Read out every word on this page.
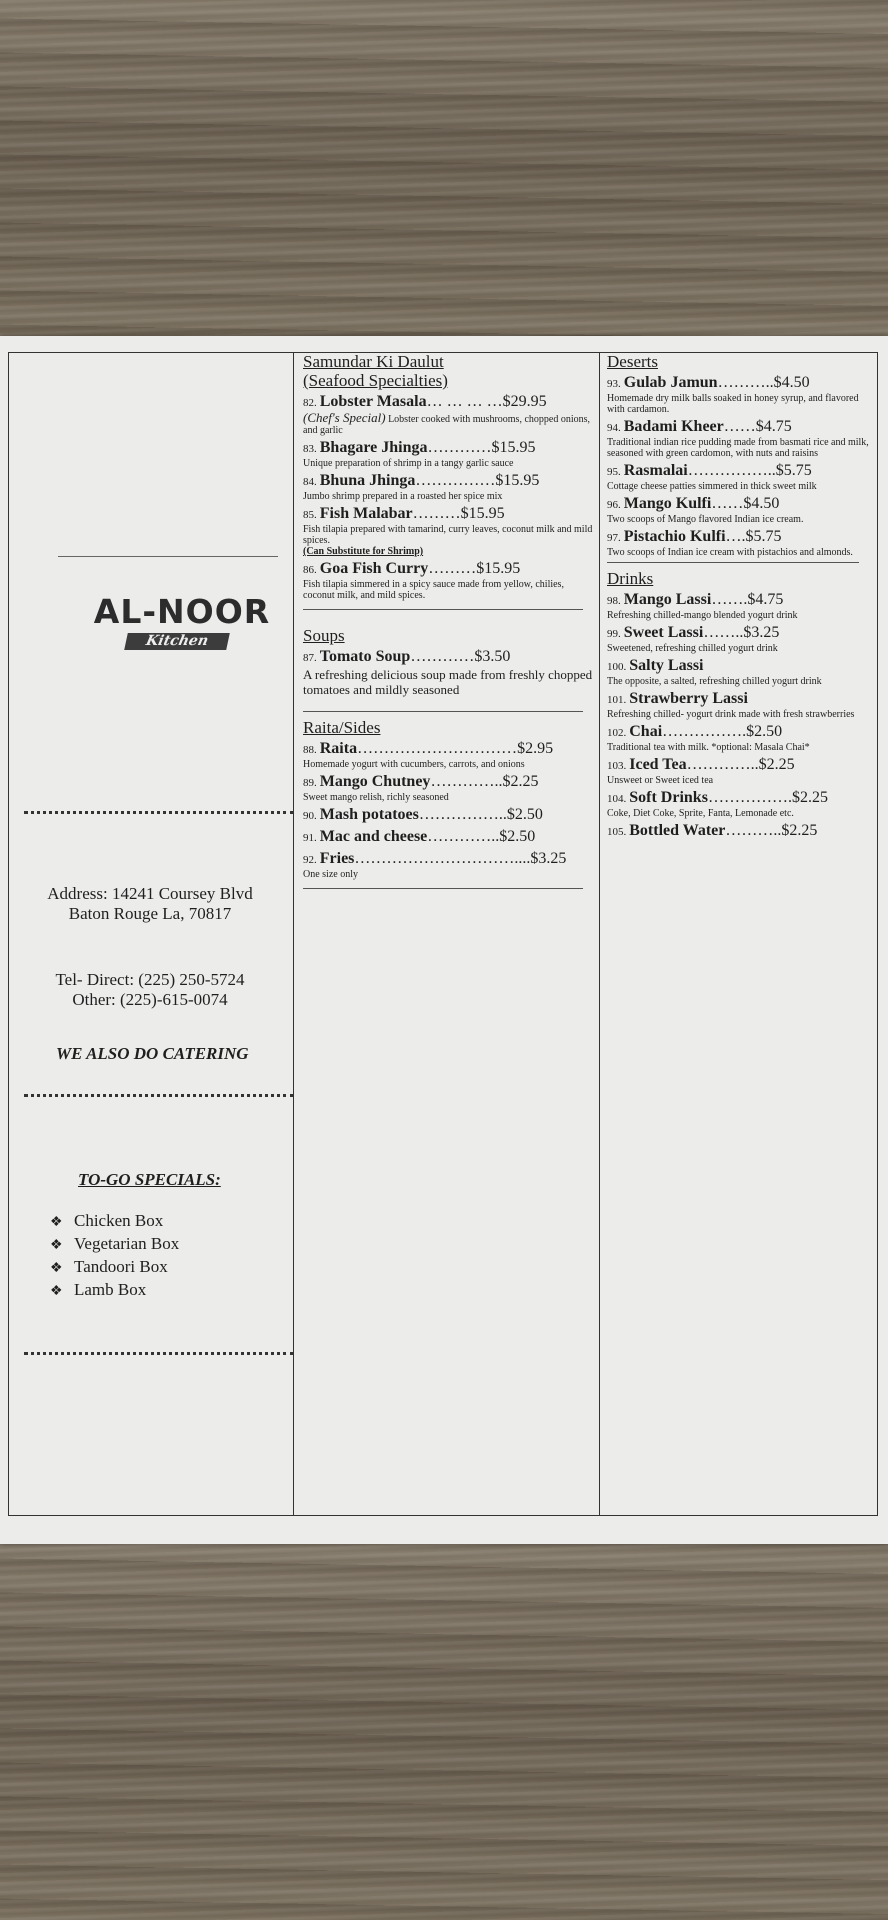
AL-NOOR
Kitchen
Address: 14241 Coursey Blvd
Baton Rouge La, 70817
Tel- Direct: (225) 250-5724
Other: (225)-615-0074
WE ALSO DO CATERING
TO-GO SPECIALS:
❖ Chicken Box
❖ Vegetarian Box
❖ Tandoori Box
❖ Lamb Box
Samundar Ki Daulut
(Seafood Specialties)
82. Lobster Masala… … … …$29.95
(Chef's Special) Lobster cooked with mushrooms, chopped onions, and garlic
83. Bhagare Jhinga…………$15.95
Unique preparation of shrimp in a tangy garlic sauce
84. Bhuna Jhinga……………$15.95
Jumbo shrimp prepared in a roasted her spice mix
85. Fish Malabar………$15.95
Fish tilapia prepared with tamarind, curry leaves, coconut milk and mild spices.
(Can Substitute for Shrimp)
86. Goa Fish Curry………$15.95
Fish tilapia simmered in a spicy sauce made from yellow, chilies, coconut milk, and mild spices.
Soups
87. Tomato Soup…………$3.50
A refreshing delicious soup made from freshly chopped tomatoes and mildly seasoned
Raita/Sides
88. Raita…………………………$2.95
Homemade yogurt with cucumbers, carrots, and onions
89. Mango Chutney…………..$2.25
Sweet mango relish, richly seasoned
90. Mash potatoes……………..$2.50
91. Mac and cheese…………..$2.50
92. Fries…………………………....$3.25
One size only
Deserts
93. Gulab Jamun………..$4.50
Homemade dry milk balls soaked in honey syrup, and flavored with cardamon.
94. Badami Kheer……$4.75
Traditional indian rice pudding made from basmati rice and milk, seasoned with green cardomon, with nuts and raisins
95. Rasmalai……………..$5.75
Cottage cheese patties simmered in thick sweet milk
96. Mango Kulfi……$4.50
Two scoops of Mango flavored Indian ice cream.
97. Pistachio Kulfi….$5.75
Two scoops of Indian ice cream with pistachios and almonds.
Drinks
98. Mango Lassi…….$4.75
Refreshing chilled-mango blended yogurt drink
99. Sweet Lassi……..$3.25
Sweetened, refreshing chilled yogurt drink
100. Salty Lassi
The opposite, a salted, refreshing chilled yogurt drink
101. Strawberry Lassi
Refreshing chilled- yogurt drink made with fresh strawberries
102. Chai…………….$2.50
Traditional tea with milk. *optional: Masala Chai*
103. Iced Tea…………..$2.25
Unsweet or Sweet iced tea
104. Soft Drinks…………….$2.25
Coke, Diet Coke, Sprite, Fanta, Lemonade etc.
105. Bottled Water………..$2.25
